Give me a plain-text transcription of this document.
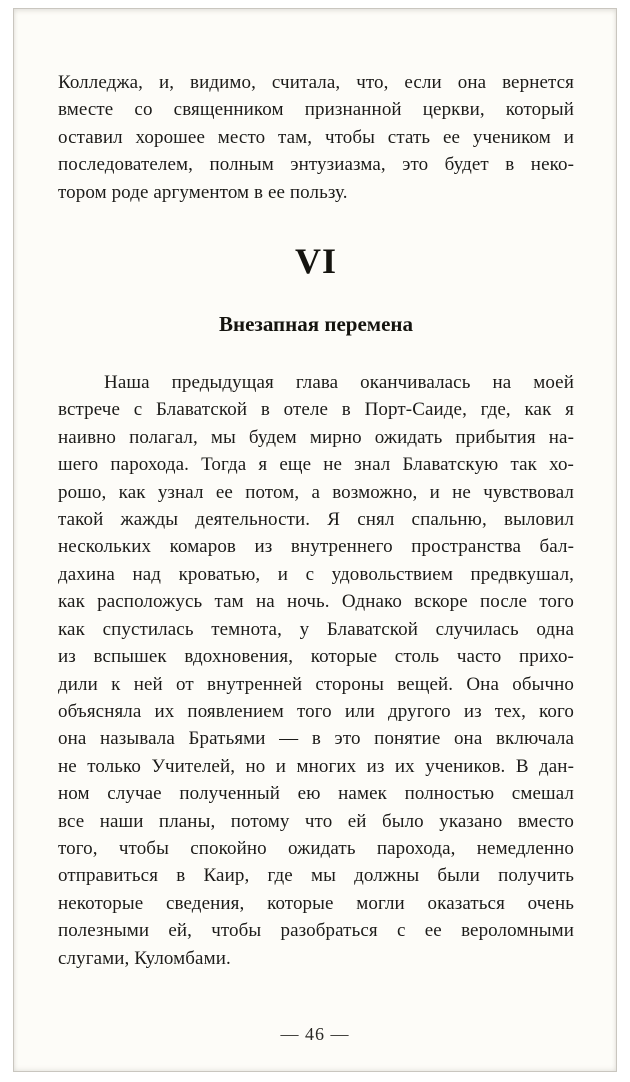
Колледжа, и, видимо, считала, что, если она вернется
вместе со священником признанной церкви, который
оставил хорошее место там, чтобы стать ее учеником и
последователем, полным энтузиазма, это будет в неко-
тором роде аргументом в ее пользу.
VI
Внезапная перемена
Наша предыдущая глава оканчивалась на моей
встрече с Блаватской в отеле в Порт-Саиде, где, как я
наивно полагал, мы будем мирно ожидать прибытия на-
шего парохода. Тогда я еще не знал Блаватскую так хо-
рошо, как узнал ее потом, а возможно, и не чувствовал
такой жажды деятельности. Я снял спальню, выловил
нескольких комаров из внутреннего пространства бал-
дахина над кроватью, и с удовольствием предвкушал,
как расположусь там на ночь. Однако вскоре после того
как спустилась темнота, у Блаватской случилась одна
из вспышек вдохновения, которые столь часто прихо-
дили к ней от внутренней стороны вещей. Она обычно
объясняла их появлением того или другого из тех, кого
она называла Братьями — в это понятие она включала
не только Учителей, но и многих из их учеников. В дан-
ном случае полученный ею намек полностью смешал
все наши планы, потому что ей было указано вместо
того, чтобы спокойно ожидать парохода, немедленно
отправиться в Каир, где мы должны были получить
некоторые сведения, которые могли оказаться очень
полезными ей, чтобы разобраться с ее вероломными
слугами, Куломбами.
— 46 —
